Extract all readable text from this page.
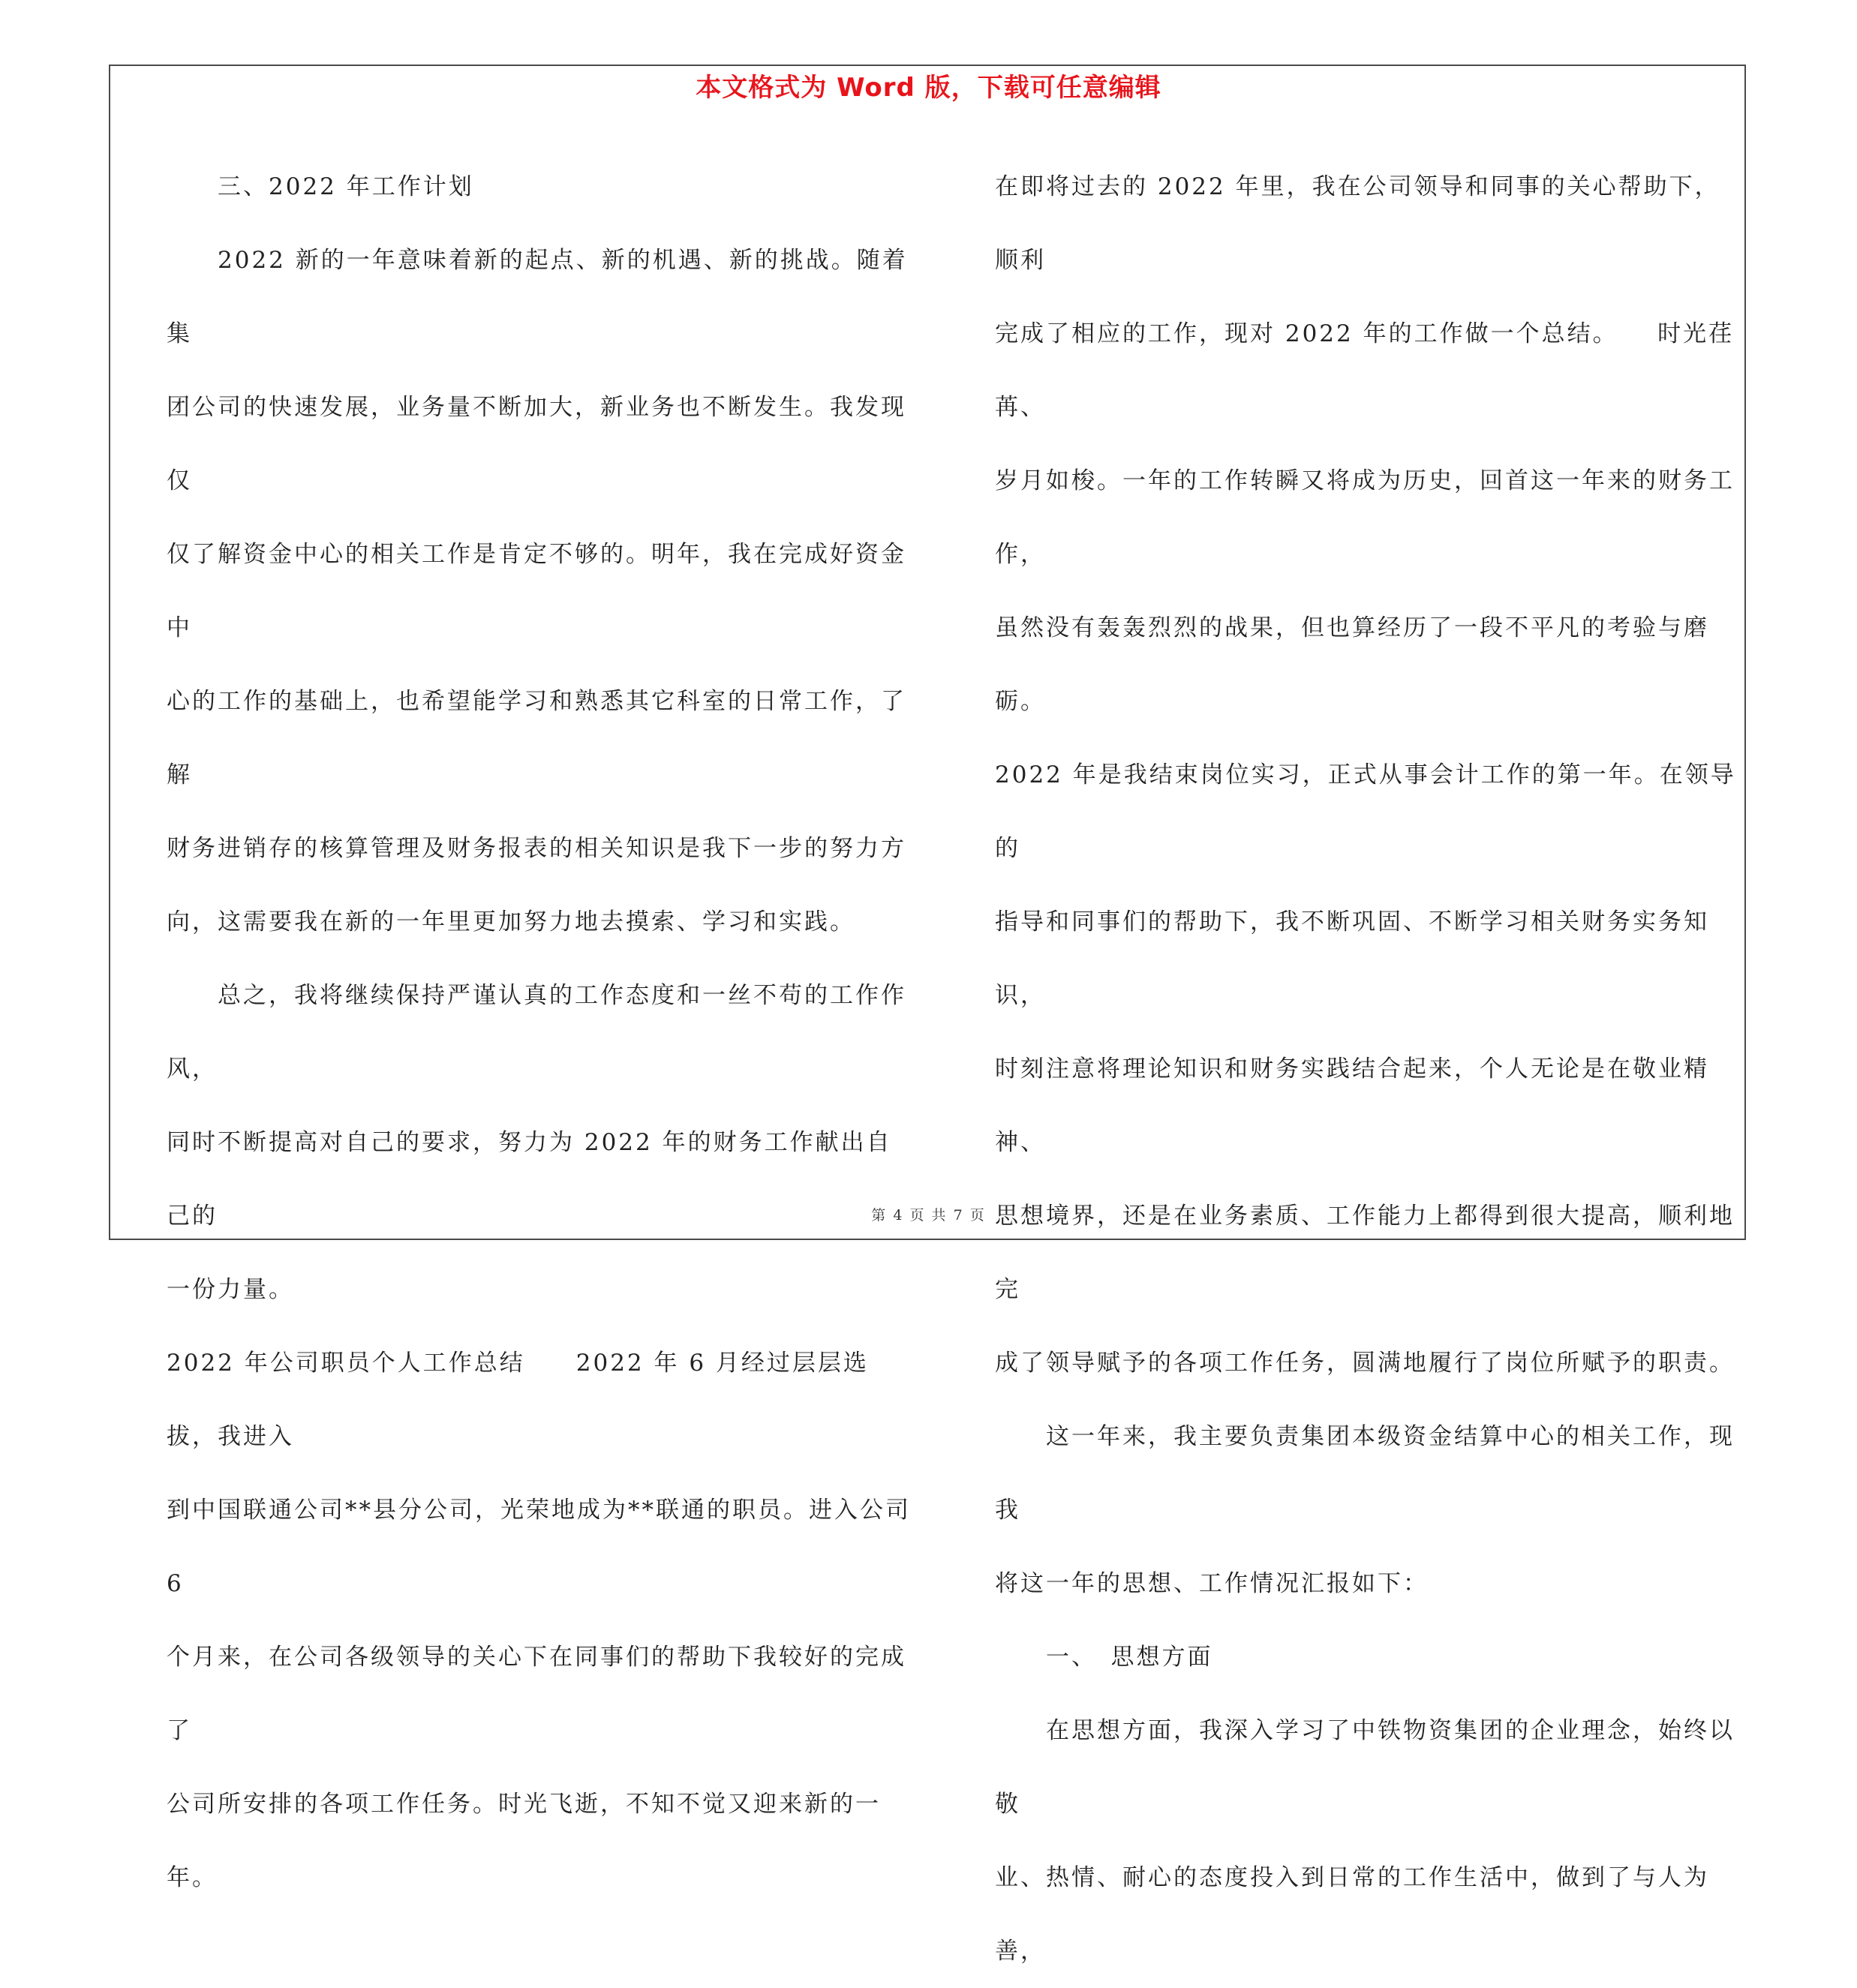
本文格式为 Word 版，下载可任意编辑

三、2022 年工作计划

2022 新的一年意味着新的起点、新的机遇、新的挑战。随着集

团公司的快速发展，业务量不断加大，新业务也不断发生。我发现仅

仅了解资金中心的相关工作是肯定不够的。明年，我在完成好资金中

心的工作的基础上，也希望能学习和熟悉其它科室的日常工作，了解

财务进销存的核算管理及财务报表的相关知识是我下一步的努力方

向，这需要我在新的一年里更加努力地去摸索、学习和实践。

总之，我将继续保持严谨认真的工作态度和一丝不苟的工作作风，

同时不断提高对自己的要求，努力为 2022 年的财务工作献出自己的

一份力量。

2022 年公司职员个人工作总结　　2022 年 6 月经过层层选拔，我进入

到中国联通公司**县分公司，光荣地成为**联通的职员。进入公司 6

个月来，在公司各级领导的关心下在同事们的帮助下我较好的完成了

公司所安排的各项工作任务。时光飞逝，不知不觉又迎来新的一年。

在即将过去的 2022 年里，我在公司领导和同事的关心帮助下，顺利

完成了相应的工作，现对 2022 年的工作做一个总结。　　时光荏苒、

岁月如梭。一年的工作转瞬又将成为历史，回首这一年来的财务工作，

虽然没有轰轰烈烈的战果，但也算经历了一段不平凡的考验与磨砺。

2022 年是我结束岗位实习，正式从事会计工作的第一年。在领导的

指导和同事们的帮助下，我不断巩固、不断学习相关财务实务知识，

时刻注意将理论知识和财务实践结合起来，个人无论是在敬业精神、

思想境界，还是在业务素质、工作能力上都得到很大提高，顺利地完

成了领导赋予的各项工作任务，圆满地履行了岗位所赋予的职责。

这一年来，我主要负责集团本级资金结算中心的相关工作，现我

将这一年的思想、工作情况汇报如下：

一、　思想方面

在思想方面，我深入学习了中铁物资集团的企业理念，始终以敬

业、热情、耐心的态度投入到日常的工作生活中，做到了与人为善，

第 4 页 共 7 页
